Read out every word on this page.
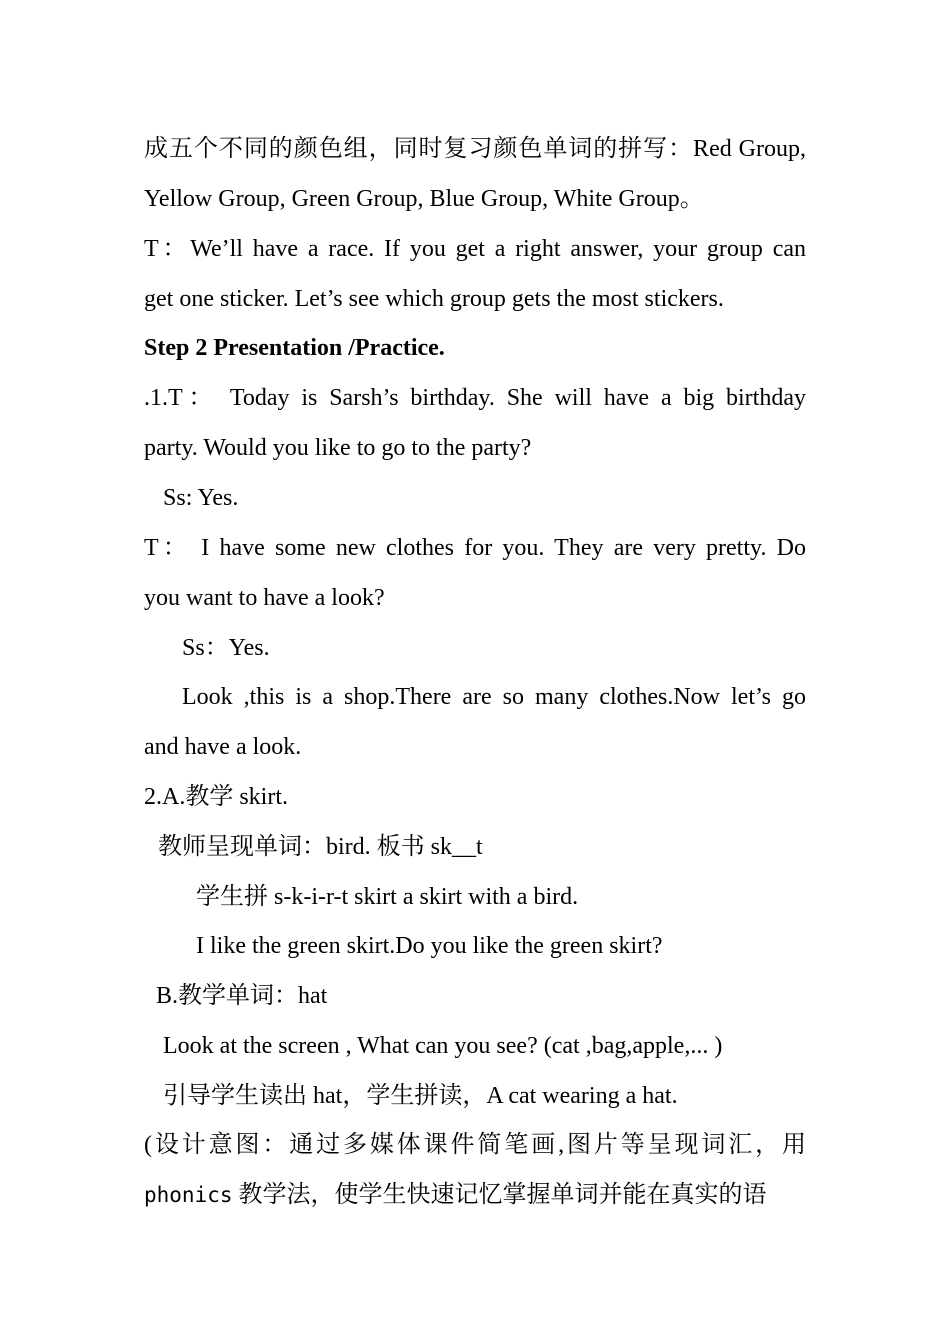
成五个不同的颜色组，同时复习颜色单词的拼写：Red Group,
Yellow Group, Green Group, Blue Group, White Group。
T：We’ll have a race. If you get a right answer, your group can
get one sticker. Let’s see which group gets the most stickers.
Step 2 Presentation /Practice.
.1.T： Today is Sarsh’s birthday. She will have a big birthday
party. Would you like to go to the party?
Ss: Yes.
T： I have some new clothes for you. They are very pretty. Do
you want to have a look?
Ss：Yes.
Look ,this is a shop.There are so many clothes.Now let’s go
and have a look.
2.A.教学 skirt.
教师呈现单词：bird. 板书 sk__t
学生拼 s-k-i-r-t skirt a skirt with a bird.
I like the green skirt.Do you like the green skirt?
B.教学单词：hat
Look at the screen , What can you see? (cat ,bag,apple,... )
引导学生读出 hat，学生拼读，A cat wearing a hat.
(设计意图：通过多媒体课件简笔画,图片等呈现词汇，用
phonics 教学法，使学生快速记忆掌握单词并能在真实的语
